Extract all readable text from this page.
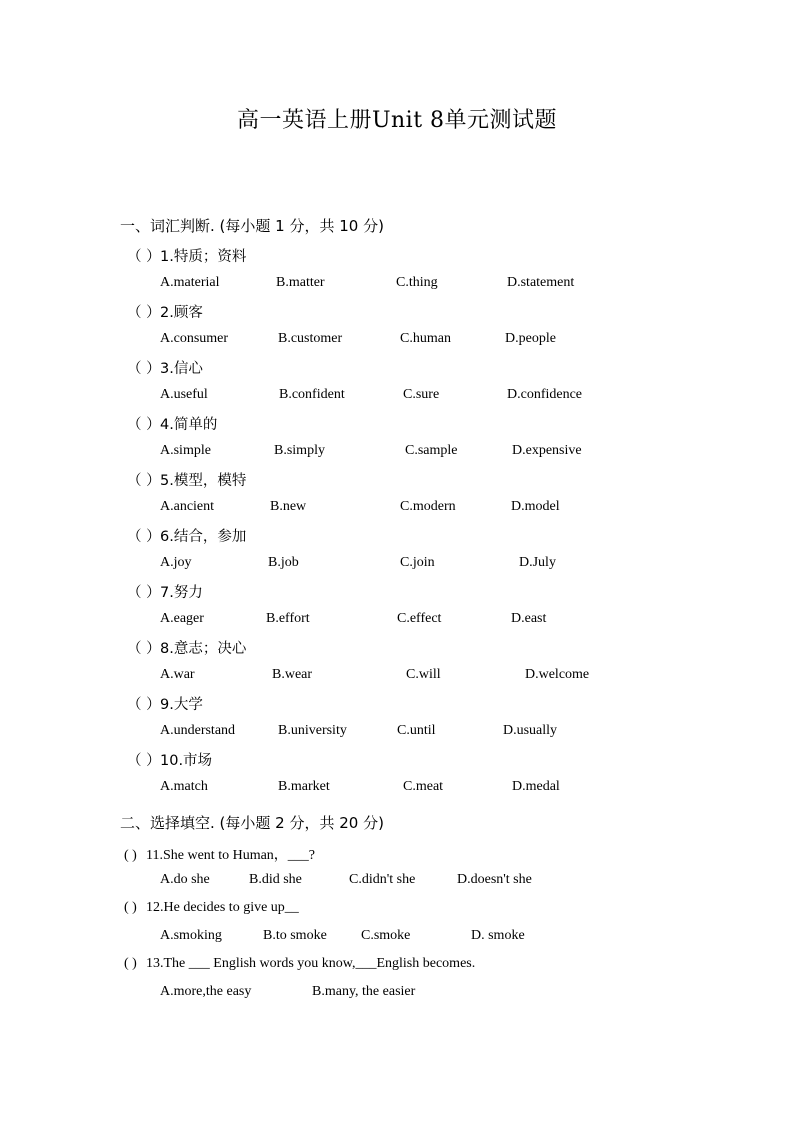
高一英语上册Unit 8单元测试题
一、词汇判断. (每小题 1 分，共 10 分)
（ ）1.特质；资料
A.material	B.matter	C.thing	D.statement
（ ）2.顾客
A.consumer	B.customer	C.human	D.people
（ ）3.信心
A.useful	B.confident	C.sure	D.confidence
（ ）4.简单的
A.simple	B.simply	C.sample	D.expensive
（ ）5.模型，模特
A.ancient	B.new	C.modern	D.model
（ ）6.结合，参加
A.joy	B.job	C.join	D.July
（ ）7.努力
A.eager	B.effort	C.effect	D.east
（ ）8.意志；决心
A.war	B.wear	C.will	D.welcome
（ ）9.大学
A.understand	B.university	C.until	D.usually
（ ）10.市场
A.match	B.market	C.meat	D.medal
二、选择填空. (每小题 2 分，共 20 分)
( ) 11.She went to Human，___?
A.do she	B.did she	C.didn't she	D.doesn't she
( ) 12.He decides to give up__
A.smoking	B.to smoke C.smoke	D. smoke
( ) 13.The ___ English words you know,___English becomes.
A.more,the easy	B.many, the easier
